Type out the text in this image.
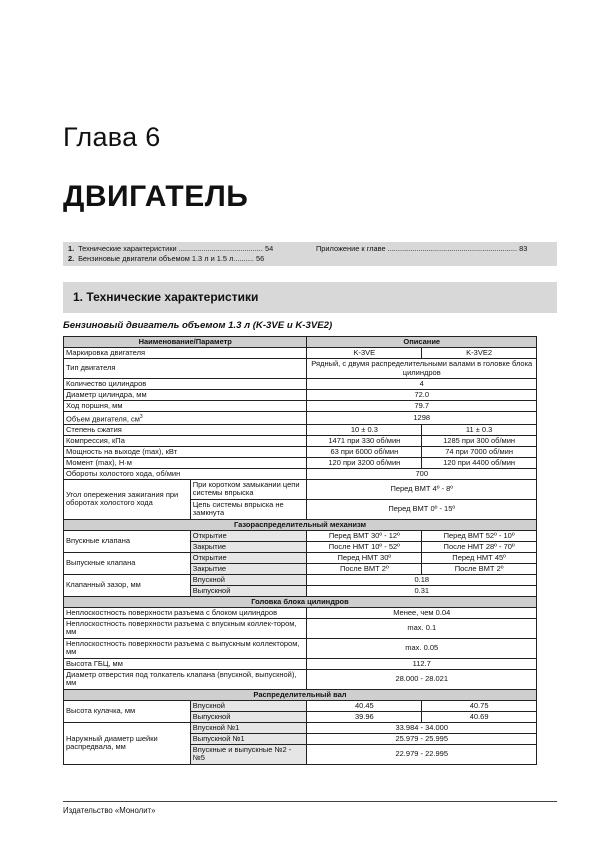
Глава 6
ДВИГАТЕЛЬ
1. Технические характеристики ......................................... 54
2. Бензиновые двигатели объемом 1.3 л и 1.5 л.......... 56
Приложение к главе ............................................................... 83
1. Технические характеристики
Бензиновый двигатель объемом 1.3 л (K-3VE и K-3VE2)
Наименование/Параметр		Описание	
Маркировка двигателя		K-3VE	K-3VE2
Тип двигателя		Рядный, с двумя распределительными валами в головке блока цилиндров	
Количество цилиндров		4	
Диаметр цилиндра, мм		72.0	
Ход поршня, мм		79.7	
Объем двигателя, $см^3$		1298	
Степень сжатия		10 ± 0.3	11 ± 0.3
Компрессия, кПа		1471 при 330 об/мин	1285 при 300 об/мин
Мощность на выходе (max), кВт		63 при 6000 об/мин	74 при 7000 об/мин
Момент (max), Н·м		120 при 3200 об/мин	120 при 4400 об/мин
Обороты холостого хода, об/мин		700	
Угол опережения зажигания при оборотах холостого хода	При коротком замыкании цепи системы впрыска	Перед ВМТ 4º - 8º	
	Цепь системы впрыска не замкнута	Перед ВМТ 0º - 15º	
Газораспределительный механизм			
Впускные клапана	Открытие	Перед ВМТ 30º - 12º	Перед ВМТ 52º - 10º
	Закрытие	После НМТ 10º - 52º	После НМТ 28º - 70º
Выпускные клапана	Открытие	Перед НМТ 30º	Перед НМТ 45º
	Закрытие	После ВМТ 2º	После ВМТ 2º
Клапанный зазор, мм	Впускной	0.18	
	Выпускной	0.31	
Головка блока цилиндров			
Неплоскостность поверхности разъема с блоком цилиндров		Менее, чем 0.04	
Неплоскостность поверхности разъема с впускным коллек-тором, мм		max. 0.1	
Неплоскостность поверхности разъема с выпускным коллектором, мм		max. 0.05	
Высота ГБЦ, мм		112.7	
Диаметр отверстия под толкатель клапана (впускной, выпускной), мм		28.000 - 28.021	
Распределительный вал			
Высота кулачка, мм	Впускной	40.45	40.75
	Выпускной	39.96	40.69
Наружный диаметр шейки распредвала, мм	Впускной №1	33.984 - 34.000	
	Выпускной №1	25.979 - 25.995	
	Впускные и выпускные №2 - №5	22.979 - 22.995	
Издательство «Монолит»
